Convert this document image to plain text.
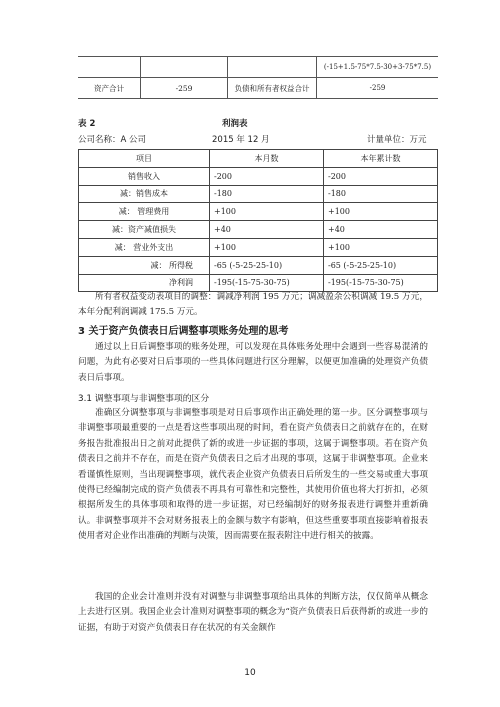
			(-15+1.5-75*7.5-30+3-75*7.5)
资产合计	-259	负债和所有者权益合计	-259
表 2	利润表
公司名称：A 公司	2015 年 12 月	计量单位：万元
项目	本月数	本年累计数
销售收入	-200	-200
减：销售成本	-180	-180
减： 管理费用	+100	+100
减：资产减值损失	+40	+40
减： 营业外支出	+100	+100
减： 所得税	-65 (-5-25-25-10)	-65 (-5-25-25-10)
净利润	-195(-15-75-30-75)	-195(-15-75-30-75)

所有者权益变动表项目的调整：调减净利润 195 万元；调减盈余公积调减 19.5 万元，本年分配利润调减 175.5 万元。

3 关于资产负债表日后调整事项账务处理的思考

通过以上日后调整事项的账务处理，可以发现在具体账务处理中会遇到一些容易混淆的问题，为此有必要对日后事项的一些具体问题进行区分理解，以便更加准确的处理资产负债表日后事项。

3.1 调整事项与非调整事项的区分

准确区分调整事项与非调整事项是对日后事项作出正确处理的第一步。区分调整事项与非调整事项最重要的一点是看这些事项出现的时间，看在资产负债表日之前就存在的，在财务报告批准报出日之前对此提供了新的或进一步证据的事项，这属于调整事项。若在资产负债表日之前并不存在，而是在资产负债表日之后才出现的事项，这属于非调整事项。企业来看谨慎性原则，当出现调整事项，就代表企业资产负债表日后所发生的一些交易或重大事项使得已经编制完成的资产负债表不再具有可靠性和完整性，其使用价值也将大打折扣，必须根据所发生的具体事项和取得的进一步证据，对已经编制好的财务报表进行调整并重新确认。非调整事项并不会对财务报表上的金额与数字有影响，但这些重要事项直接影响着报表使用者对企业作出准确的判断与决策，因而需要在报表附注中进行相关的披露。

我国的企业会计准则并没有对调整与非调整事项给出具体的判断方法，仅仅简单从概念上去进行区别。我国企业会计准则对调整事项的概念为“资产负债表日后获得新的或进一步的证据，有助于对资产负债表日存在状况的有关金额作

10
